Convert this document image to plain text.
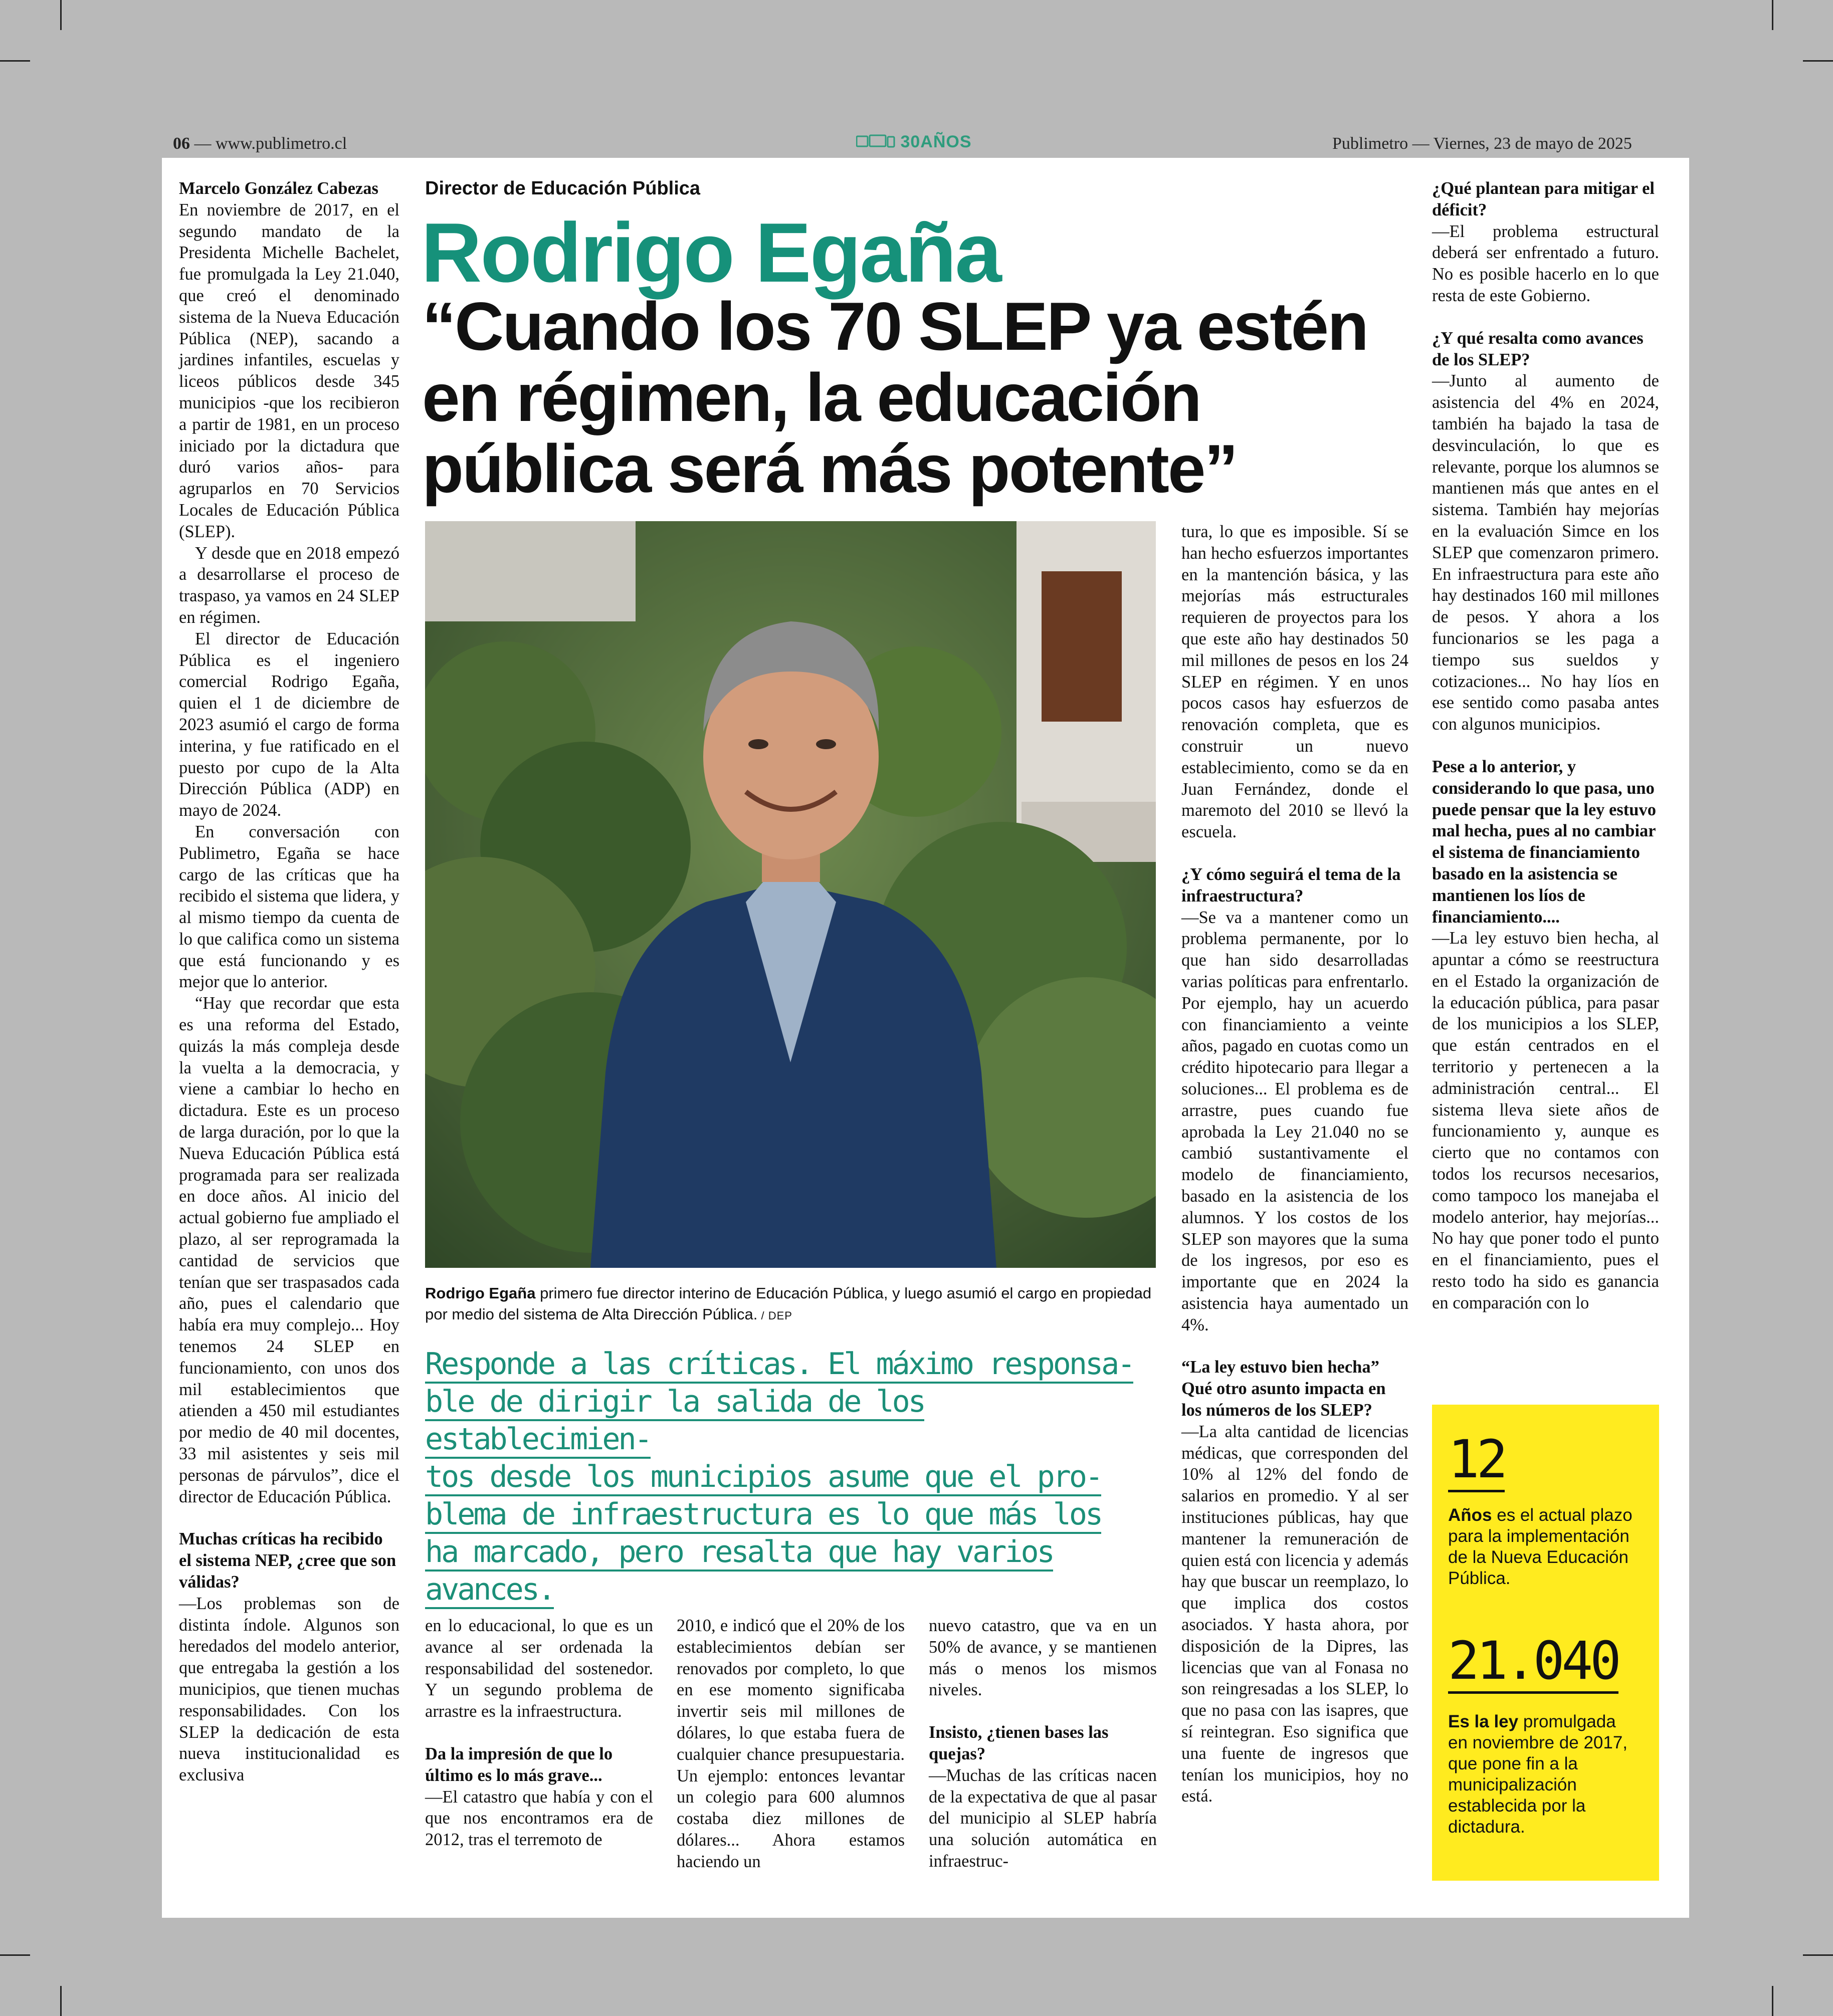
06 — www.publimetro.cl	30AÑOS	Publimetro — Viernes, 23 de mayo de 2025

Marcelo González Cabezas

En noviembre de 2017, en el segundo mandato de la Presidenta Michelle Bachelet, fue promulgada la Ley 21.040, que creó el denominado sistema de la Nueva Educación Pública (NEP), sacando a jardines infantiles, escuelas y liceos públicos desde 345 municipios -que los recibieron a partir de 1981, en un proceso iniciado por la dictadura que duró varios años- para agruparlos en 70 Servicios Locales de Educación Pública (SLEP).

Y desde que en 2018 empezó a desarrollarse el proceso de traspaso, ya vamos en 24 SLEP en régimen.

El director de Educación Pública es el ingeniero comercial Rodrigo Egaña, quien el 1 de diciembre de 2023 asumió el cargo de forma interina, y fue ratificado en el puesto por cupo de la Alta Dirección Pública (ADP) en mayo de 2024.

En conversación con Publimetro, Egaña se hace cargo de las críticas que ha recibido el sistema que lidera, y al mismo tiempo da cuenta de lo que califica como un sistema que está funcionando y es mejor que lo anterior.

“Hay que recordar que esta es una reforma del Estado, quizás la más compleja desde la vuelta a la democracia, y viene a cambiar lo hecho en dictadura. Este es un proceso de larga duración, por lo que la Nueva Educación Pública está programada para ser realizada en doce años. Al inicio del actual gobierno fue ampliado el plazo, al ser reprogramada la cantidad de servicios que tenían que ser traspasados cada año, pues el calendario que había era muy complejo... Hoy tenemos 24 SLEP en funcionamiento, con unos dos mil establecimientos que atienden a 450 mil estudiantes por medio de 40 mil docentes, 33 mil asistentes y seis mil personas de párvulos”, dice el director de Educación Pública.

Muchas críticas ha recibido el sistema NEP, ¿cree que son válidas?

—Los problemas son de distinta índole. Algunos son heredados del modelo anterior, que entregaba la gestión a los municipios, que tienen muchas responsabilidades. Con los SLEP la dedicación de esta nueva institucionalidad es exclusiva

Director de Educación Pública
Rodrigo Egaña
“Cuando los 70 SLEP ya estén en régimen, la educación pública será más potente”
Rodrigo Egaña primero fue director interino de Educación Pública, y luego asumió el cargo en propiedad por medio del sistema de Alta Dirección Pública. / DEP
Responde a las críticas. El máximo responsa-
ble de dirigir la salida de los establecimien-
tos desde los municipios asume que el pro-
blema de infraestructura es lo que más los
ha marcado, pero resalta que hay varios
avances.

en lo educacional, lo que es un avance al ser ordenada la responsabilidad del sostenedor. Y un segundo problema de arrastre es la infraestructura.

Da la impresión de que lo último es lo más grave...

—El catastro que había y con el que nos encontramos era de 2012, tras el terremoto de

2010, e indicó que el 20% de los establecimientos debían ser renovados por completo, lo que en ese momento significaba invertir seis mil millones de dólares, lo que estaba fuera de cualquier chance presupuestaria. Un ejemplo: entonces levantar un colegio para 600 alumnos costaba diez millones de dólares... Ahora estamos haciendo un

nuevo catastro, que va en un 50% de avance, y se mantienen más o menos los mismos niveles.

Insisto, ¿tienen bases las quejas?

—Muchas de las críticas nacen de la expectativa de que al pasar del municipio al SLEP habría una solución automática en infraestruc-

tura, lo que es imposible. Sí se han hecho esfuerzos importantes en la mantención básica, y las mejorías más estructurales requieren de proyectos para los que este año hay destinados 50 mil millones de pesos en los 24 SLEP en régimen. Y en unos pocos casos hay esfuerzos de renovación completa, que es construir un nuevo establecimiento, como se da en Juan Fernández, donde el maremoto del 2010 se llevó la escuela.

¿Y cómo seguirá el tema de la infraestructura?

—Se va a mantener como un problema permanente, por lo que han sido desarrolladas varias políticas para enfrentarlo. Por ejemplo, hay un acuerdo con financiamiento a veinte años, pagado en cuotas como un crédito hipotecario para llegar a soluciones... El problema es de arrastre, pues cuando fue aprobada la Ley 21.040 no se cambió sustantivamente el modelo de financiamiento, basado en la asistencia de los alumnos. Y los costos de los SLEP son mayores que la suma de los ingresos, por eso es importante que en 2024 la asistencia haya aumentado un 4%.

“La ley estuvo bien hecha” Qué otro asunto impacta en los números de los SLEP?

—La alta cantidad de licencias médicas, que corresponden del 10% al 12% del fondo de salarios en promedio. Y al ser instituciones públicas, hay que mantener la remuneración de quien está con licencia y además hay que buscar un reemplazo, lo que implica dos costos asociados. Y hasta ahora, por disposición de la Dipres, las licencias que van al Fonasa no son reingresadas a los SLEP, lo que no pasa con las isapres, que sí reintegran. Eso significa que una fuente de ingresos que tenían los municipios, hoy no está.

¿Qué plantean para mitigar el déficit?

—El problema estructural deberá ser enfrentado a futuro. No es posible hacerlo en lo que resta de este Gobierno.

¿Y qué resalta como avances de los SLEP?

—Junto al aumento de asistencia del 4% en 2024, también ha bajado la tasa de desvinculación, lo que es relevante, porque los alumnos se mantienen más que antes en el sistema. También hay mejorías en la evaluación Simce en los SLEP que comenzaron primero. En infraestructura para este año hay destinados 160 mil millones de pesos. Y ahora a los funcionarios se les paga a tiempo sus sueldos y cotizaciones... No hay líos en ese sentido como pasaba antes con algunos municipios.

Pese a lo anterior, y considerando lo que pasa, uno puede pensar que la ley estuvo mal hecha, pues al no cambiar el sistema de financiamiento basado en la asistencia se mantienen los líos de financiamiento....

—La ley estuvo bien hecha, al apuntar a cómo se reestructura en el Estado la organización de la educación pública, para pasar de los municipios a los SLEP, que están centrados en el territorio y pertenecen a la administración central... El sistema lleva siete años de funcionamiento y, aunque es cierto que no contamos con todos los recursos necesarios, como tampoco los manejaba el modelo anterior, hay mejorías... No hay que poner todo el punto en el financiamiento, pues el resto todo ha sido es ganancia en comparación con lo

12
Años es el actual plazo para la implementación de la Nueva Educación Pública.
21.040
Es la ley promulgada en noviembre de 2017, que pone fin a la municipalización establecida por la dictadura.
